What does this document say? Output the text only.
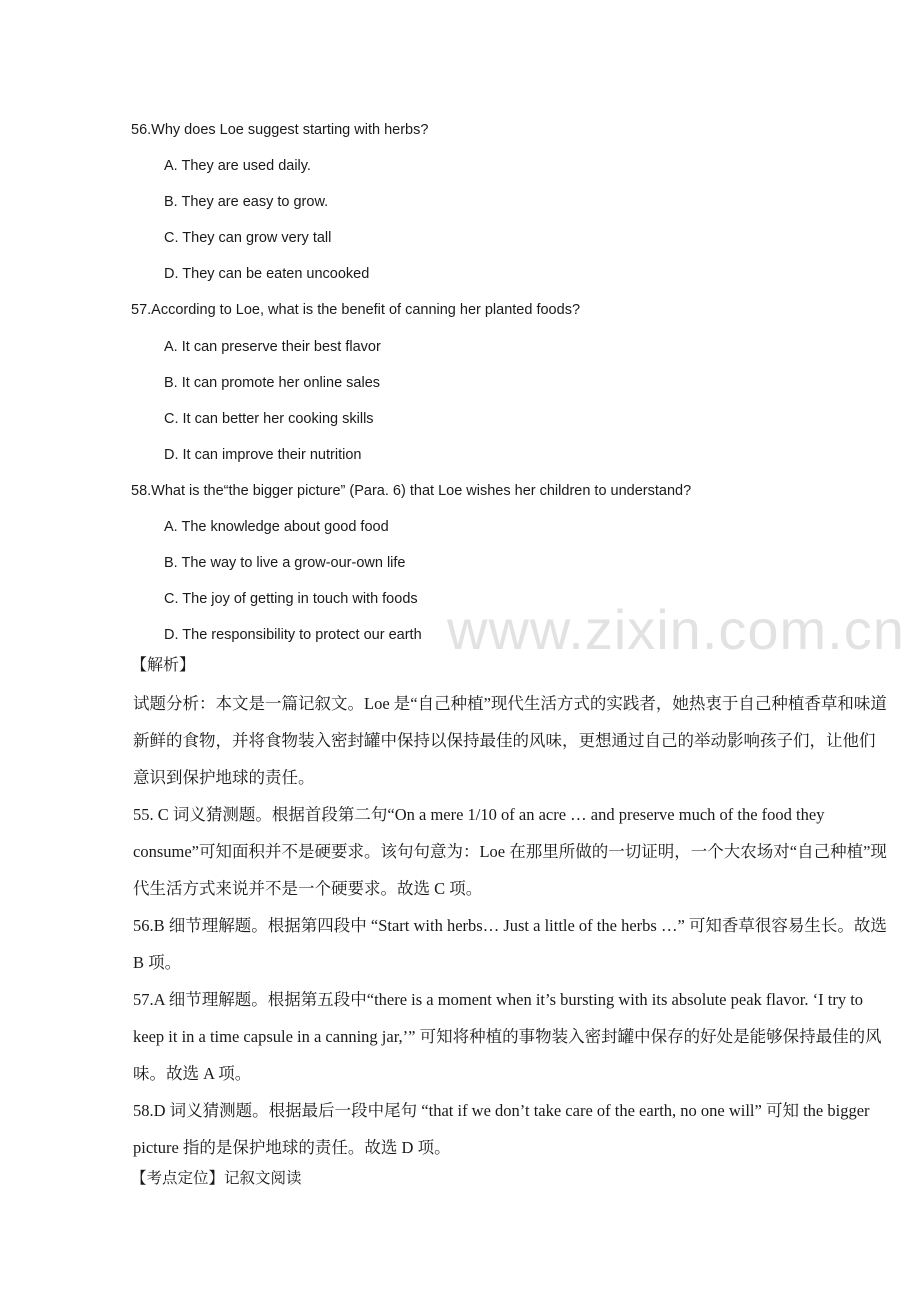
56.Why does Loe suggest starting with herbs?
A. They are used daily.
B. They are easy to grow.
C. They can grow very tall
D. They can be eaten uncooked
57.According to Loe, what is the benefit of canning her planted foods?
A. It can preserve their best flavor
B. It can promote her online sales
C. It can better her cooking skills
D. It can improve their nutrition
58.What is the“the bigger picture” (Para. 6) that Loe wishes her children to understand?
A. The knowledge about good food
B. The way to live a grow-our-own life
C. The joy of getting in touch with foods
D. The responsibility to protect our earth www.zixin.com.cn
【解析】

试题分析：本文是一篇记叙文。Loe 是“自己种植”现代生活方式的实践者，她热衷于自己种植香草和味道新鲜的食物，并将食物装入密封罐中保持以保持最佳的风味，更想通过自己的举动影响孩子们，让他们意识到保护地球的责任。

55. C 词义猜测题。根据首段第二句“On a mere 1/10 of an acre … and preserve much of the food they consume”可知面积并不是硬要求。该句句意为：Loe 在那里所做的一切证明，一个大农场对“自己种植”现代生活方式来说并不是一个硬要求。故选 C 项。

56.B 细节理解题。根据第四段中 “Start with herbs… Just a little of the herbs …” 可知香草很容易生长。故选 B 项。

57.A 细节理解题。根据第五段中“there is a moment when it’s bursting with its absolute peak flavor. ‘I try to keep it in a time capsule in a canning jar,’” 可知将种植的事物装入密封罐中保存的好处是能够保持最佳的风味。故选 A 项。

58.D 词义猜测题。根据最后一段中尾句 “that if we don’t take care of the earth, no one will” 可知 the bigger picture 指的是保护地球的责任。故选 D 项。

【考点定位】记叙文阅读
